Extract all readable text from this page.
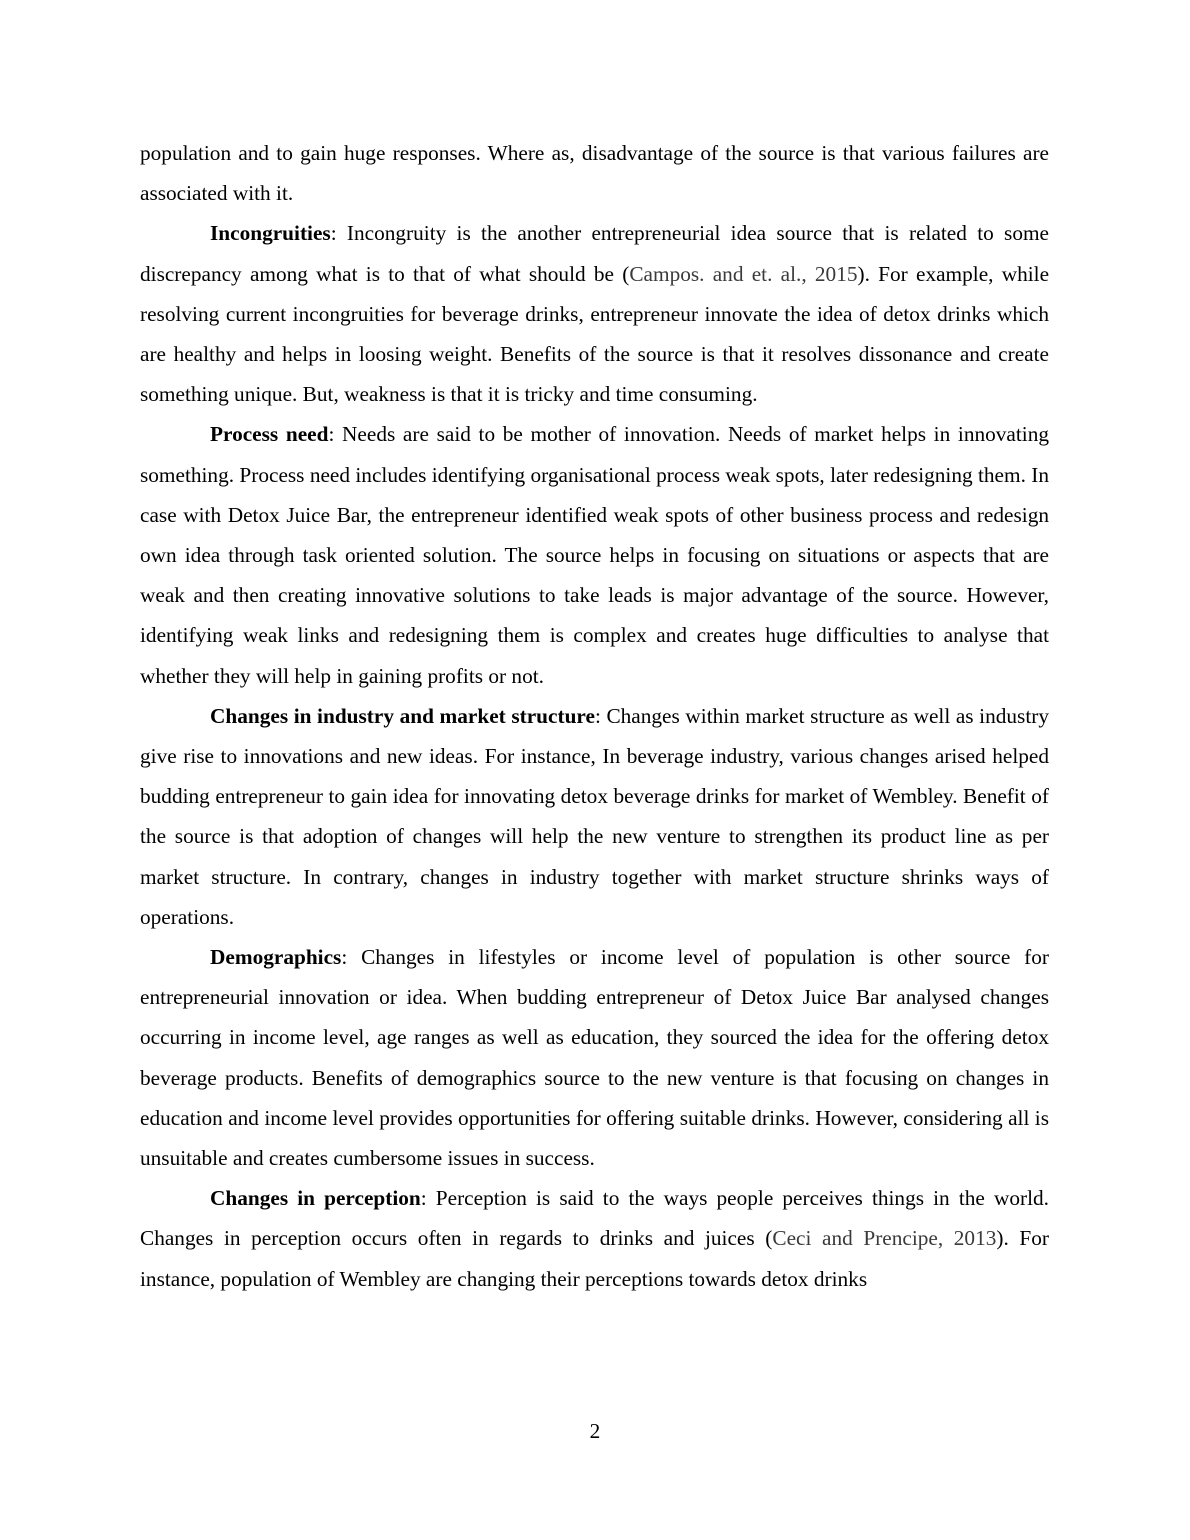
population and to gain huge responses. Where as, disadvantage of the source is that various failures are associated with it.

Incongruities: Incongruity is the another entrepreneurial idea source that is related to some discrepancy among what is to that of what should be (Campos. and et. al., 2015). For example, while resolving current incongruities for beverage drinks, entrepreneur innovate the idea of detox drinks which are healthy and helps in loosing weight. Benefits of the source is that it resolves dissonance and create something unique. But, weakness is that it is tricky and time consuming.

Process need: Needs are said to be mother of innovation. Needs of market helps in innovating something. Process need includes identifying organisational process weak spots, later redesigning them. In case with Detox Juice Bar, the entrepreneur identified weak spots of other business process and redesign own idea through task oriented solution. The source helps in focusing on situations or aspects that are weak and then creating innovative solutions to take leads is major advantage of the source. However, identifying weak links and redesigning them is complex and creates huge difficulties to analyse that whether they will help in gaining profits or not.

Changes in industry and market structure: Changes within market structure as well as industry give rise to innovations and new ideas. For instance, In beverage industry, various changes arised helped budding entrepreneur to gain idea for innovating detox beverage drinks for market of Wembley. Benefit of the source is that adoption of changes will help the new venture to strengthen its product line as per market structure. In contrary, changes in industry together with market structure shrinks ways of operations.

Demographics: Changes in lifestyles or income level of population is other source for entrepreneurial innovation or idea. When budding entrepreneur of Detox Juice Bar analysed changes occurring in income level, age ranges as well as education, they sourced the idea for the offering detox beverage products. Benefits of demographics source to the new venture is that focusing on changes in education and income level provides opportunities for offering suitable drinks. However, considering all is unsuitable and creates cumbersome issues in success.

Changes in perception: Perception is said to the ways people perceives things in the world. Changes in perception occurs often in regards to drinks and juices (Ceci and Prencipe, 2013). For instance, population of Wembley are changing their perceptions towards detox drinks

2
